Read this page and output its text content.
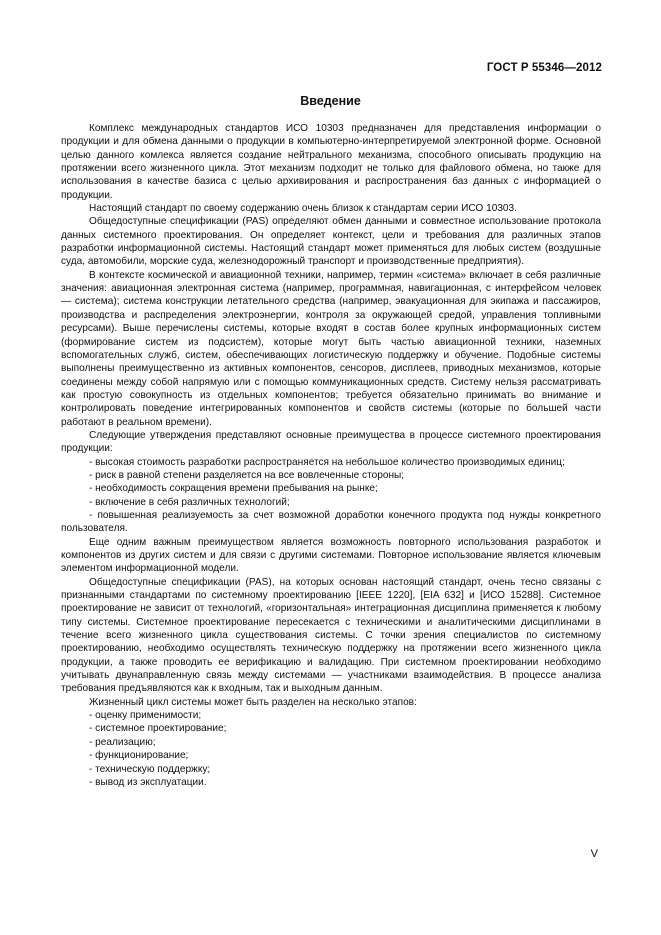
ГОСТ Р 55346—2012
Введение

Комплекс международных стандартов ИСО 10303 предназначен для представления информации о продукции и для обмена данными о продукции в компьютерно-интерпретируемой электронной форме. Основной целью данного комлекса является создание нейтрального механизма, способного описывать продукцию на протяжении всего жизненного цикла. Этот механизм подходит не только для файлового обмена, но также для использования в качестве базиса с целью архивирования и распространения баз данных с информацией о продукции.

Настоящий стандарт по своему содержанию очень близок к стандартам серии ИСО 10303.

Общедоступные спецификации (PAS) определяют обмен данными и совместное использование протокола данных системного проектирования. Он определяет контекст, цели и требования для различных этапов разработки информационной системы. Настоящий стандарт может применяться для любых систем (воздушные суда, автомобили, морские суда, железнодорожный транспорт и производственные предприятия).

В контексте космической и авиационной техники, например, термин «система» включает в себя различные значения: авиационная электронная система (например, программная, навигационная, с интерфейсом человек — система); система конструкции летательного средства (например, эвакуационная для экипажа и пассажиров, производства и распределения электроэнергии, контроля за окружающей средой, управления топливными ресурсами). Выше перечислены системы, которые входят в состав более крупных информационных систем (формирование систем из подсистем), которые могут быть частью авиационной техники, наземных вспомогательных служб, систем, обеспечивающих логистическую поддержку и обучение. Подобные системы выполнены преимущественно из активных компонентов, сенсоров, дисплеев, приводных механизмов, которые соединены между собой напрямую или с помощью коммуникационных средств. Систему нельзя рассматривать как простую совокупность из отдельных компонентов; требуется обязательно принимать во внимание и контролировать поведение интегрированных компонентов и свойств системы (которые по большей части работают в реальном времени).

Следующие утверждения представляют основные преимущества в процессе системного проектирования продукции:

- высокая стоимость разработки распространяется на небольшое количество производимых единиц;
- риск в равной степени разделяется на все вовлеченные стороны;
- необходимость сокращения времени пребывания на рынке;
- включение в себя различных технологий;
- повышенная реализуемость за счет возможной доработки конечного продукта под нужды конкретного пользователя.

Еще одним важным преимуществом является возможность повторного использования разработок и компонентов из других систем и для связи с другими системами. Повторное использование является ключевым элементом информационной модели.

Общедоступные спецификации (PAS), на которых основан настоящий стандарт, очень тесно связаны с признанными стандартами по системному проектированию [IEEE 1220], [EIA 632] и [ИСО 15288]. Системное проектирование не зависит от технологий, «горизонтальная» интеграционная дисциплина применяется к любому типу системы. Системное проектирование пересекается с техническими и аналитическими дисциплинами в течение всего жизненного цикла существования системы. С точки зрения специалистов по системному проектированию, необходимо осуществлять техническую поддержку на протяжении всего жизненного цикла продукции, а также проводить ее верификацию и валидацию. При системном проектировании необходимо учитывать двунаправленную связь между системами — участниками взаимодействия. В процессе анализа требования предъявляются как к входным, так и выходным данным.

Жизненный цикл системы может быть разделен на несколько этапов:

- оценку применимости;
- системное проектирование;
- реализацию;
- функционирование;
- техническую поддержку;
- вывод из эксплуатации.
V
